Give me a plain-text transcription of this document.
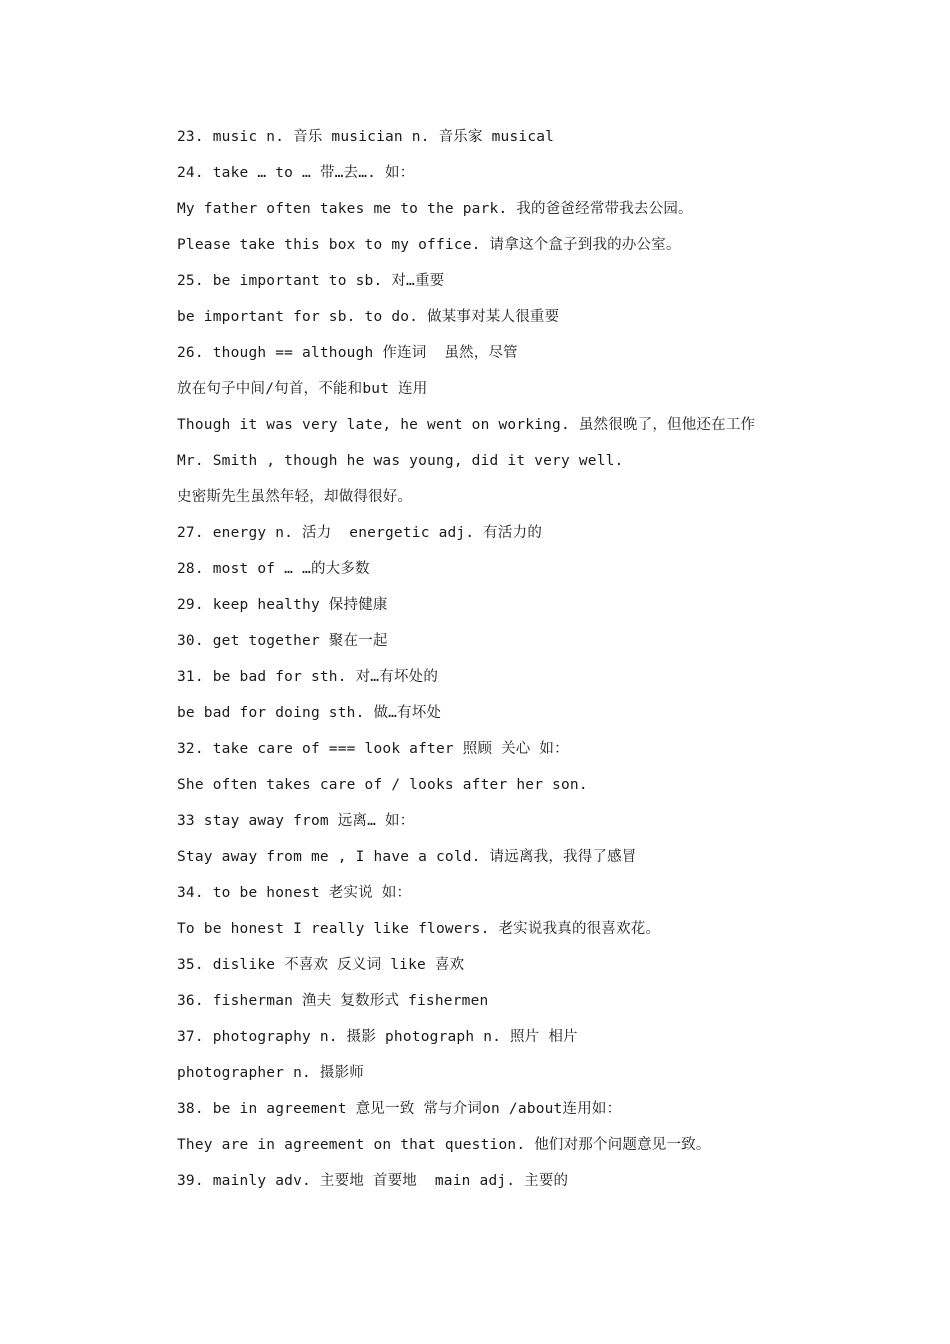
23. music n. 音乐 musician n. 音乐家 musical
24. take … to … 带…去…. 如：
My father often takes me to the park. 我的爸爸经常带我去公园。
Please take this box to my office. 请拿这个盒子到我的办公室。
25. be important to sb. 对…重要
be important for sb. to do. 做某事对某人很重要
26. though == although 作连词  虽然，尽管
放在句子中间/句首，不能和but 连用
Though it was very late, he went on working. 虽然很晚了，但他还在工作
Mr. Smith , though he was young, did it very well.
史密斯先生虽然年轻，却做得很好。
27. energy n. 活力  energetic adj. 有活力的
28. most of … …的大多数
29. keep healthy 保持健康
30. get together 聚在一起
31. be bad for sth. 对…有坏处的
be bad for doing sth. 做…有坏处
32. take care of === look after 照顾 关心 如：
She often takes care of / looks after her son.
33 stay away from 远离… 如：
Stay away from me , I have a cold. 请远离我，我得了感冒
34. to be honest 老实说 如：
To be honest I really like flowers. 老实说我真的很喜欢花。
35. dislike 不喜欢 反义词 like 喜欢
36. fisherman 渔夫 复数形式 fishermen
37. photography n. 摄影 photograph n. 照片 相片
photographer n. 摄影师
38. be in agreement 意见一致 常与介词on /about连用如：
They are in agreement on that question. 他们对那个问题意见一致。
39. mainly adv. 主要地 首要地  main adj. 主要的
